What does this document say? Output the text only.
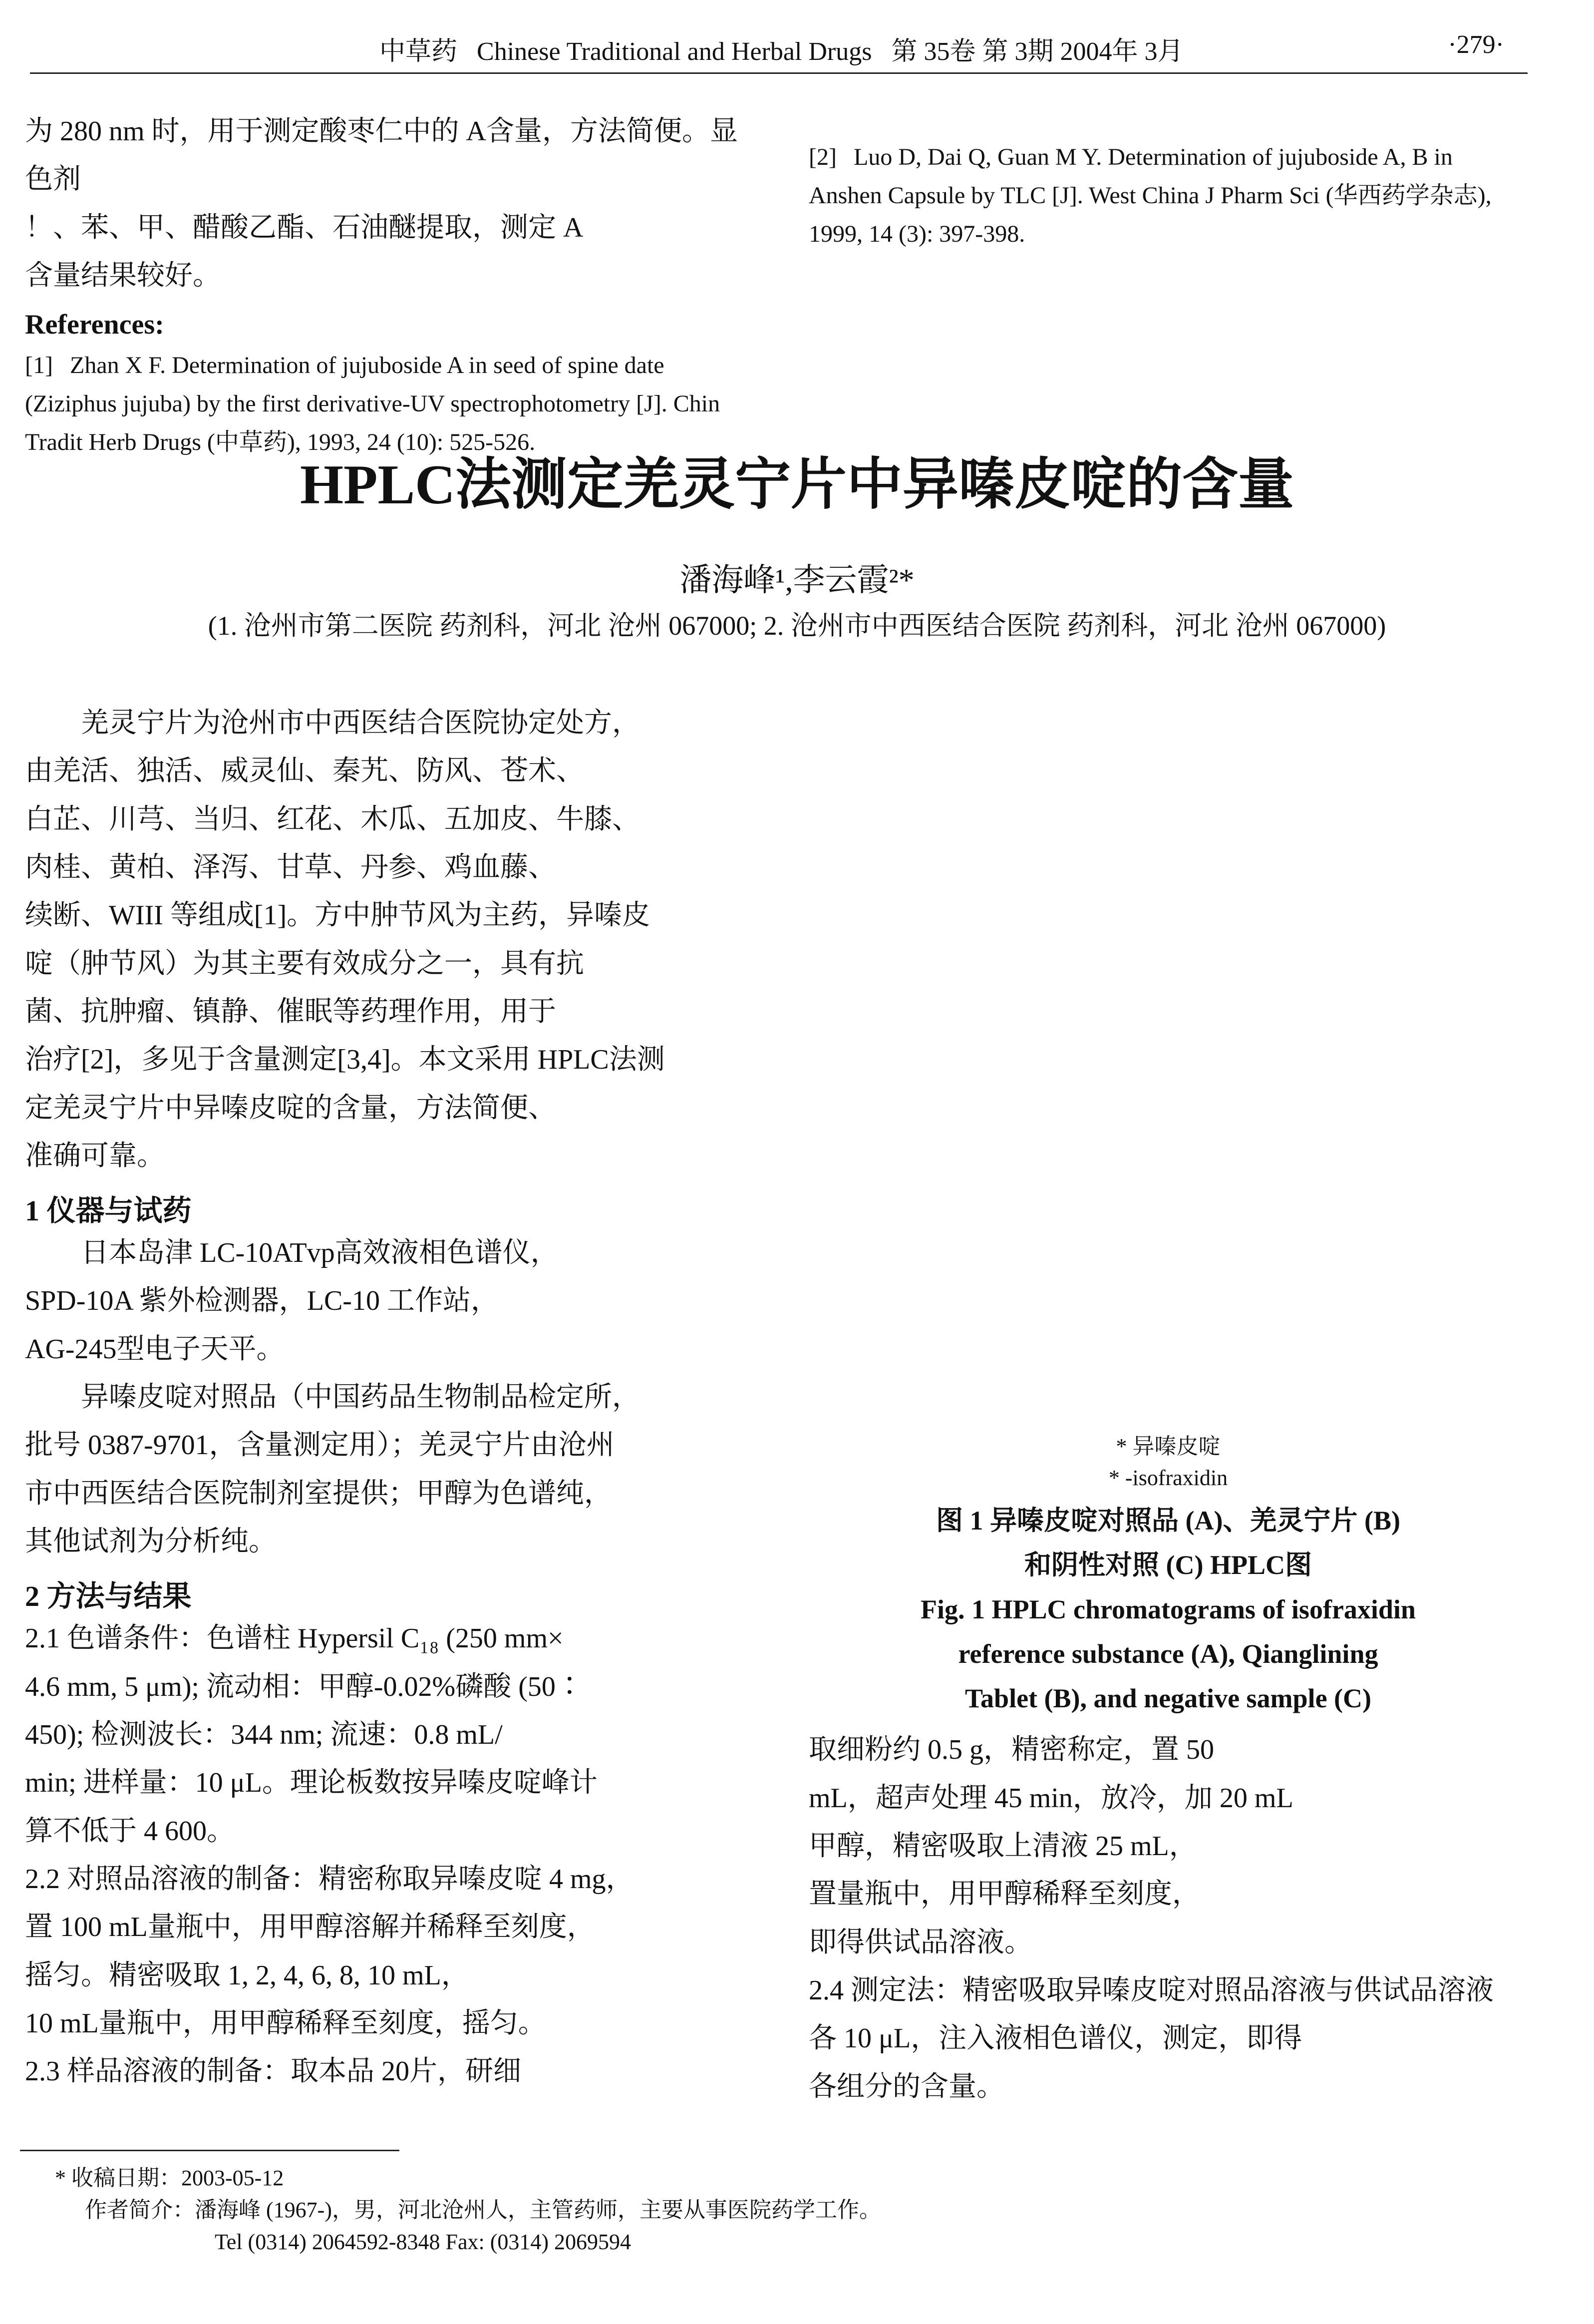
中草药 Chinese Traditional and Herbal Drugs 第 35卷 第 3期 2004年 3月	·279·
为 280 nm 时，用于测定酸枣仁中的 A含量，方法简便。显色剂
！、苯、甲、醋酸乙酯、石油醚提取，测定 A
含量结果较好。
References:
[1] Zhan X F. Determination of jujuboside A in seed of spine date (Ziziphus jujuba) by the first derivative-UV spectrophotometry [J]. Chin Tradit Herb Drugs (中草药), 1993, 24 (10): 525-526.
[2] Luo D, Dai Q, Guan M Y. Determination of jujuboside A, B in Anshen Capsule by TLC [J]. West China J Pharm Sci (华西药学杂志), 1999, 14 (3): 397-398.
HPLC法测定羌灵宁片中异嗪皮啶的含量
潘海峰¹,李云霞²*
(1. 沧州市第二医院 药剂科，河北 沧州 067000; 2. 沧州市中西医结合医院 药剂科，河北 沧州 067000)
羌灵宁片为沧州市中西医结合医院协定处方，
由羌活、独活、威灵仙、秦艽、防风、苍术、
白芷、川芎、当归、红花、木瓜、五加皮、牛膝、
肉桂、黄柏、泽泻、甘草、丹参、鸡血藤、
续断、WIII 等组成[1]。方中肿节风为主药，异嗪皮
啶（肿节风）为其主要有效成分之一，具有抗
菌、抗肿瘤、镇静、催眠等药理作用，用于
治疗[2]，多见于含量测定[3,4]。本文采用 HPLC法测
定羌灵宁片中异嗪皮啶的含量，方法简便、
准确可靠。
1 仪器与试药
日本岛津 LC-10ATvp高效液相色谱仪，
SPD-10A 紫外检测器，LC-10 工作站，
AG-245型电子天平。
异嗪皮啶对照品（中国药品生物制品检定所，
批号 0387-9701，含量测定用）；羌灵宁片由沧州
市中西医结合医院制剂室提供；甲醇为色谱纯，
其他试剂为分析纯。
2 方法与结果
2.1 色谱条件：色谱柱 Hypersil C₁₈ (250 mm×
4.6 mm, 5 μm); 流动相：甲醇-0.02%磷酸 (50∶
450); 检测波长：344 nm; 流速：0.8 mL/
min; 进样量：10 μL。理论板数按异嗪皮啶峰计
算不低于 4 600。
2.2 对照品溶液的制备：精密称取异嗪皮啶 4 mg，
置 100 mL量瓶中，用甲醇溶解并稀释至刻度，
摇匀。精密吸取 1, 2, 4, 6, 8, 10 mL，
10 mL量瓶中，用甲醇稀释至刻度，摇匀。
2.3 样品溶液的制备：取本品 20片，研细
* 异嗪皮啶
* -isofraxidin
图 1 异嗪皮啶对照品 (A)、羌灵宁片 (B)
和阴性对照 (C) HPLC图
Fig. 1 HPLC chromatograms of isofraxidin
reference substance (A), Qianglining
Tablet (B), and negative sample (C)
取细粉约 0.5 g，精密称定，置 50
mL，超声处理 45 min，放冷，加 20 mL
甲醇，精密吸取上清液 25 mL，
置量瓶中，用甲醇稀释至刻度，
即得供试品溶液。
2.4 测定法：精密吸取异嗪皮啶对照品溶液与供试品溶液
各 10 μL，注入液相色谱仪，测定，即得
各组分的含量。
* 收稿日期：2003-05-12
作者简介：潘海峰 (1967-)，男，河北沧州人，主管药师，主要从事医院药学工作。
Tel (0314) 2064592-8348 Fax: (0314) 2069594
